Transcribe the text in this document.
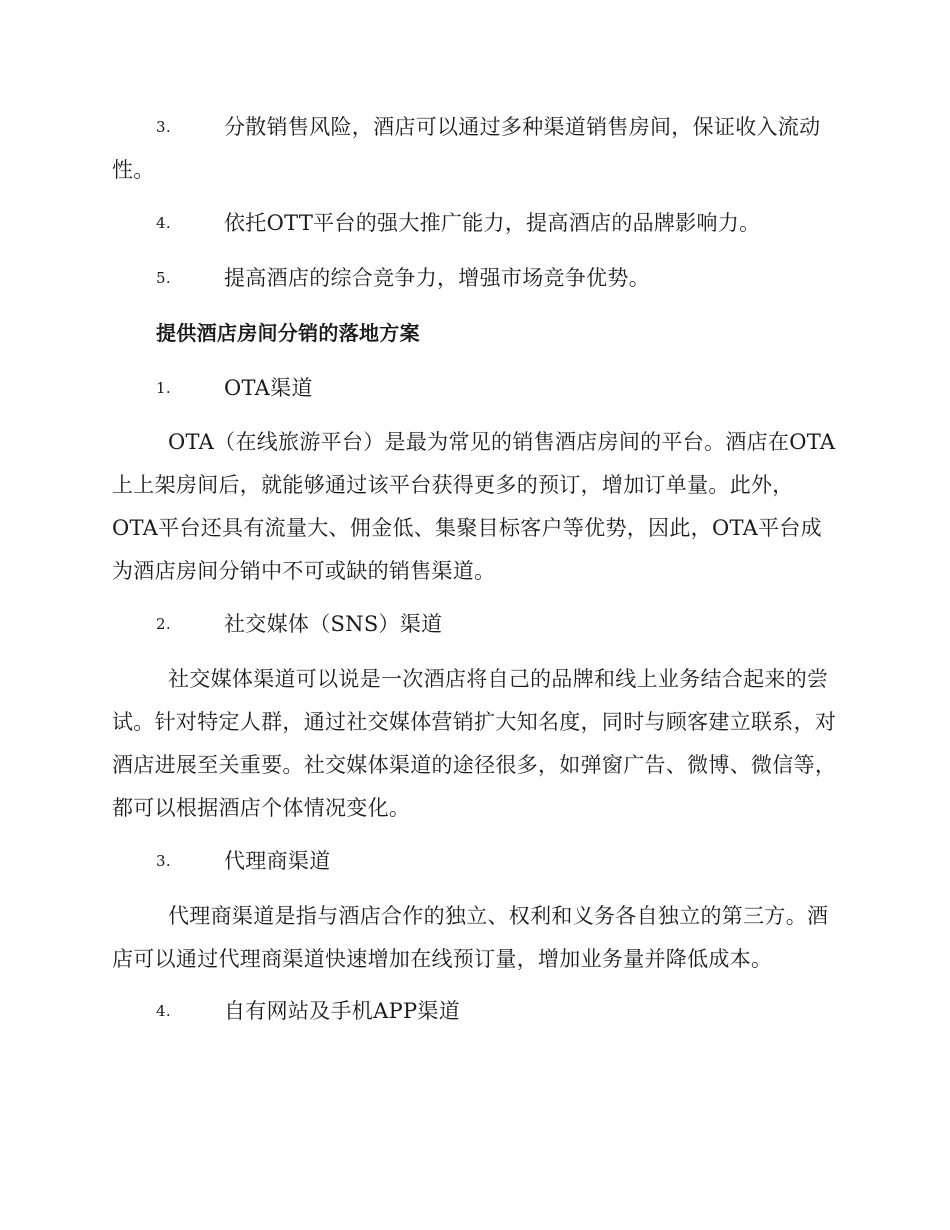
3.	分散销售风险，酒店可以通过多种渠道销售房间，保证收入流动性。
4.	依托OTT平台的强大推广能力，提高酒店的品牌影响力。
5.	提高酒店的综合竞争力，增强市场竞争优势。
提供酒店房间分销的落地方案
1.	OTA渠道
OTA（在线旅游平台）是最为常见的销售酒店房间的平台。酒店在OTA上上架房间后，就能够通过该平台获得更多的预订，增加订单量。此外，OTA平台还具有流量大、佣金低、集聚目标客户等优势，因此，OTA平台成为酒店房间分销中不可或缺的销售渠道。
2.	社交媒体（SNS）渠道
社交媒体渠道可以说是一次酒店将自己的品牌和线上业务结合起来的尝试。针对特定人群，通过社交媒体营销扩大知名度，同时与顾客建立联系，对酒店进展至关重要。社交媒体渠道的途径很多，如弹窗广告、微博、微信等，都可以根据酒店个体情况变化。
3.	代理商渠道
代理商渠道是指与酒店合作的独立、权利和义务各自独立的第三方。酒店可以通过代理商渠道快速增加在线预订量，增加业务量并降低成本。
4.	自有网站及手机APP渠道
